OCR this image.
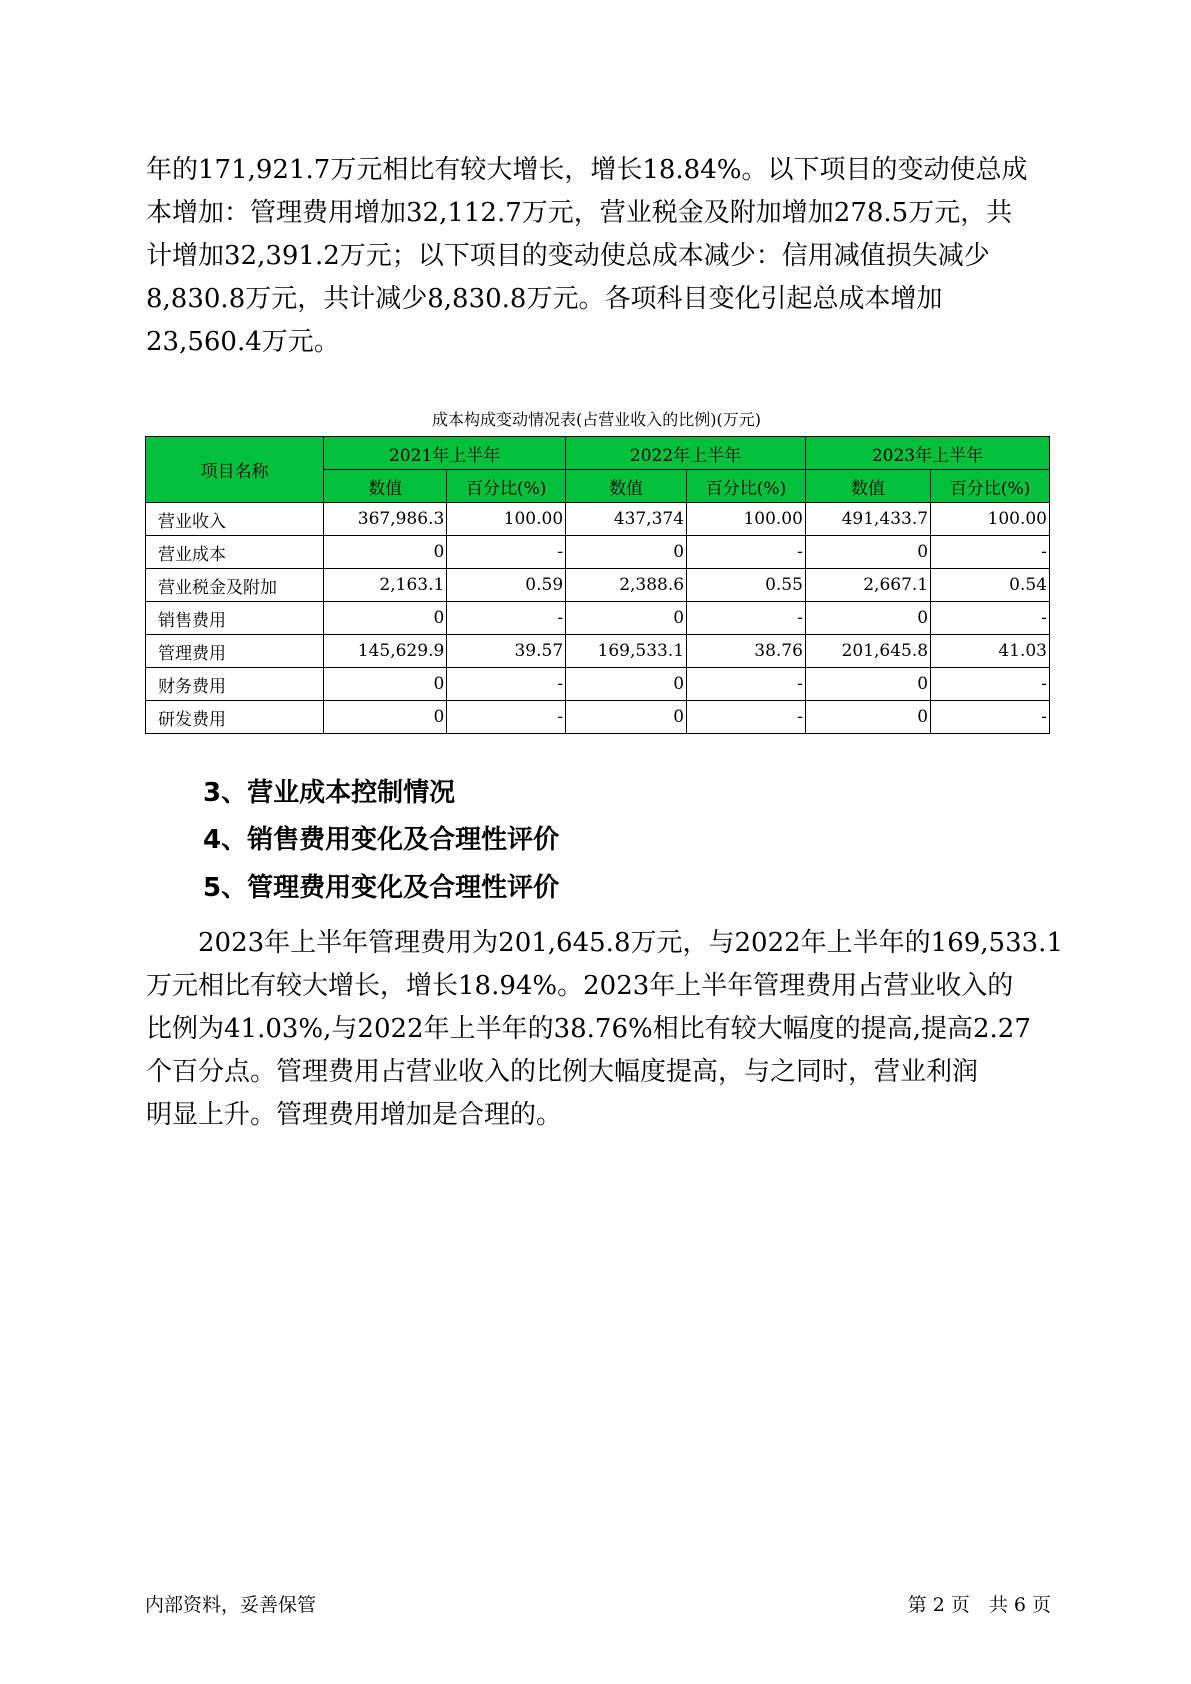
年的171,921.7万元相比有较大增长，增长18.84%。以下项目的变动使总成

本增加：管理费用增加32,112.7万元，营业税金及附加增加278.5万元，共

计增加32,391.2万元；以下项目的变动使总成本减少：信用减值损失减少

8,830.8万元，共计减少8,830.8万元。各项科目变化引起总成本增加

23,560.4万元。

成本构成变动情况表(占营业收入的比例)(万元)
项目名称	2021年上半年		2022年上半年		2023年上半年	
	数值	百分比(%)	数值	百分比(%)	数值	百分比(%)
营业收入	367,986.3	100.00	437,374	100.00	491,433.7	100.00
营业成本	0	-	0	-	0	-
营业税金及附加	2,163.1	0.59	2,388.6	0.55	2,667.1	0.54
销售费用	0	-	0	-	0	-
管理费用	145,629.9	39.57	169,533.1	38.76	201,645.8	41.03
财务费用	0	-	0	-	0	-
研发费用	0	-	0	-	0	-
3、营业成本控制情况
4、销售费用变化及合理性评价
5、管理费用变化及合理性评价

　　2023年上半年管理费用为201,645.8万元，与2022年上半年的169,533.1

万元相比有较大增长，增长18.94%。2023年上半年管理费用占营业收入的

比例为41.03%,与2022年上半年的38.76%相比有较大幅度的提高,提高2.27

个百分点。管理费用占营业收入的比例大幅度提高，与之同时，营业利润

明显上升。管理费用增加是合理的。

内部资料，妥善保管	第 2 页　共 6 页
